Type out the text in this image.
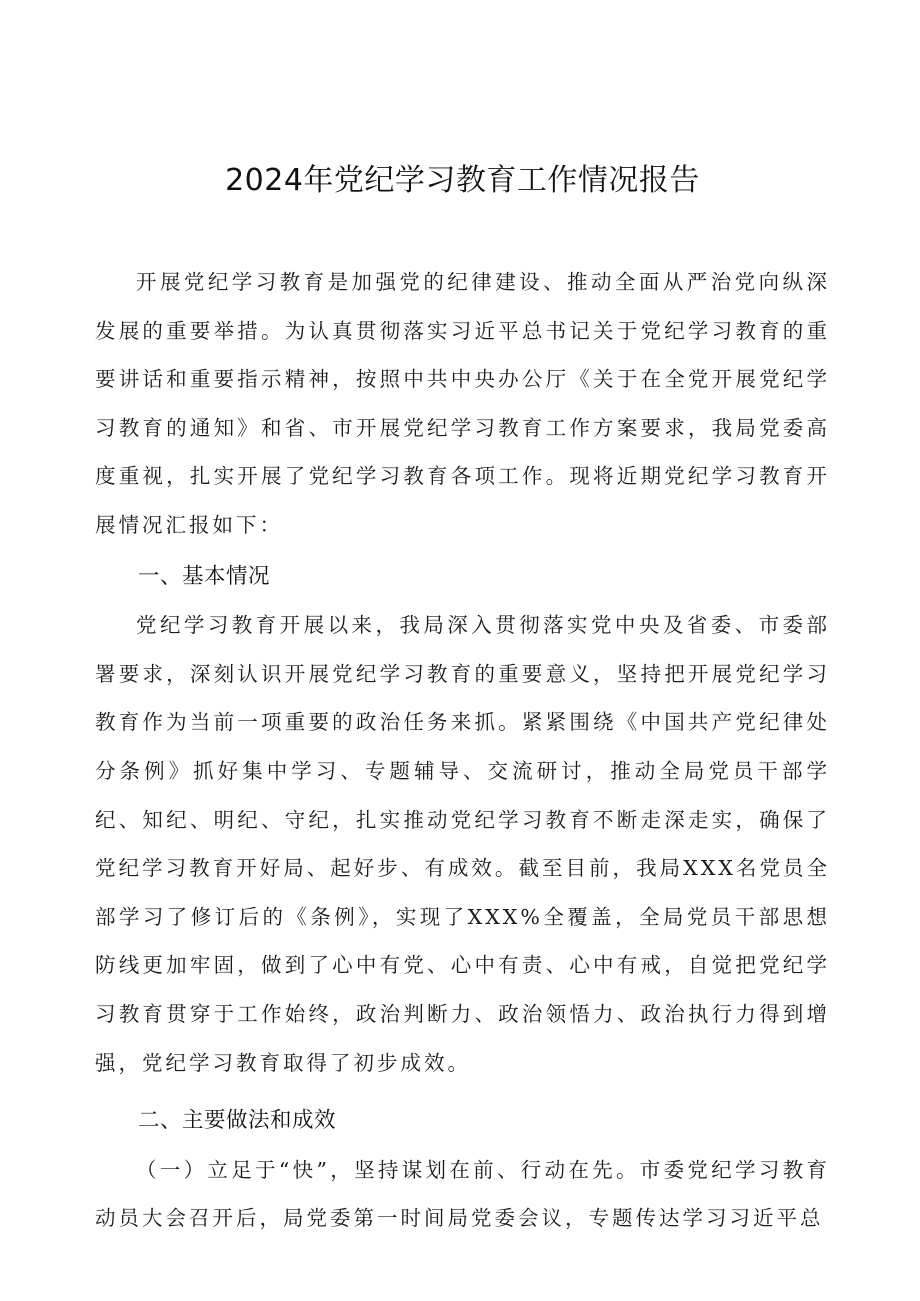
2024年党纪学习教育工作情况报告

开展党纪学习教育是加强党的纪律建设、推动全面从严治党向纵深发展的重要举措。为认真贯彻落实习近平总书记关于党纪学习教育的重要讲话和重要指示精神，按照中共中央办公厅《关于在全党开展党纪学习教育的通知》和省、市开展党纪学习教育工作方案要求，我局党委高度重视，扎实开展了党纪学习教育各项工作。现将近期党纪学习教育开展情况汇报如下：

一、基本情况

党纪学习教育开展以来，我局深入贯彻落实党中央及省委、市委部署要求，深刻认识开展党纪学习教育的重要意义，坚持把开展党纪学习教育作为当前一项重要的政治任务来抓。紧紧围绕《中国共产党纪律处分条例》抓好集中学习、专题辅导、交流研讨，推动全局党员干部学纪、知纪、明纪、守纪，扎实推动党纪学习教育不断走深走实，确保了党纪学习教育开好局、起好步、有成效。截至目前，我局XXX名党员全部学习了修订后的《条例》，实现了XXX%全覆盖，全局党员干部思想防线更加牢固，做到了心中有党、心中有责、心中有戒，自觉把党纪学习教育贯穿于工作始终，政治判断力、政治领悟力、政治执行力得到增强，党纪学习教育取得了初步成效。

二、主要做法和成效

（一）立足于“快”，坚持谋划在前、行动在先。市委党纪学习教育动员大会召开后，局党委第一时间局党委会议，专题传达学习习近平总
